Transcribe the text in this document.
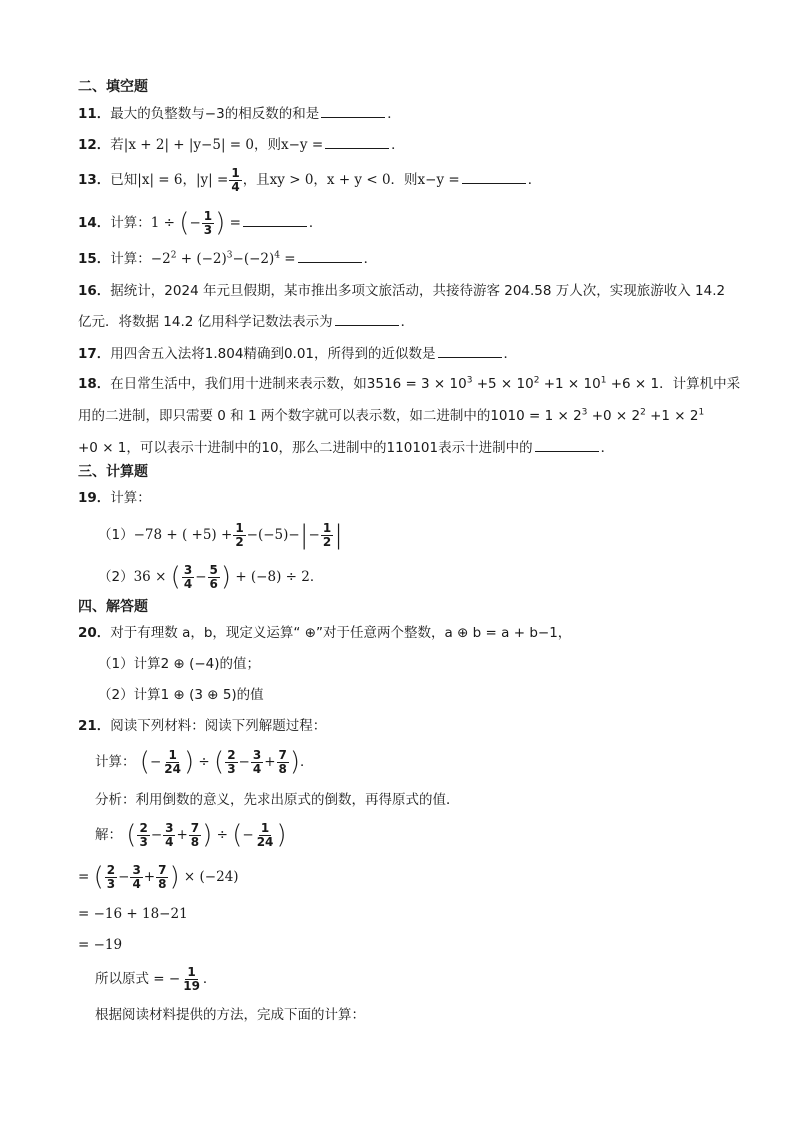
二、填空题
11．最大的负整数与−3的相反数的和是	．
12．若|x + 2| + |y−5| = 0，则x−y =	．
13．已知|x| = 6，$|y| = \frac{1}{4}$ ，且xy > 0，x + y < 0．则x−y =	．
14．计算：1 ÷ (− $\frac{1}{3}$ ) =	．
15．计算：$-2^2 + (-2)^3-(-2)^4$ =	．
16．据统计，2024 年元旦假期，某市推出多项文旅活动，共接待游客 204.58 万人次，实现旅游收入 14.2
亿元．将数据 14.2 亿用科学记数法表示为	．
17．用四舍五入法将1.804精确到0.01，所得到的近似数是	．
18．在日常生活中，我们用十进制来表示数，如$3516 = 3 \times 10^3 +5 \times 10^2 +1 \times 10^1 +6 \times 1$．计算机中采
用的二进制，即只需要 0 和 1 两个数字就可以表示数，如二进制中的$1010 = 1 \times 2^3 +0 \times 2^2 +1 \times 2^1$
+0 × 1，可以表示十进制中的10，那么二进制中的110101表示十进制中的	．
三、计算题
19．计算：
（1）−78 + ( $+5) + \frac{1}{2} -(-5)-|- \frac{1}{2}$ |
（2）36 × ( $\frac{3}{4} - \frac{5}{6}$ ) + (−8) ÷ 2．
四、解答题
20．对于有理数 a，b，现定义运算“ ⊕”对于任意两个整数，a ⊕ b = a + b−1，
（1）计算2 ⊕ (−4)的值；
（2）计算1 ⊕ (3 ⊕ 5)的值
21．阅读下列材料：阅读下列解题过程：
计算： (− $\frac{1}{24}$ ) ÷ ( $\frac{2}{3} - \frac{3}{4} + \frac{7}{8}$ )．
分析：利用倒数的意义，先求出原式的倒数，再得原式的值．
解： ( $\frac{2}{3} - \frac{3}{4} + \frac{7}{8}$ ) ÷ (− $\frac{1}{24}$ )
= ( $\frac{2}{3} - \frac{3}{4} + \frac{7}{8}$ ) × (−24)
= −16 + 18−21
= −19
所以原式 = − $\frac{1}{19}$ ．
根据阅读材料提供的方法，完成下面的计算：
